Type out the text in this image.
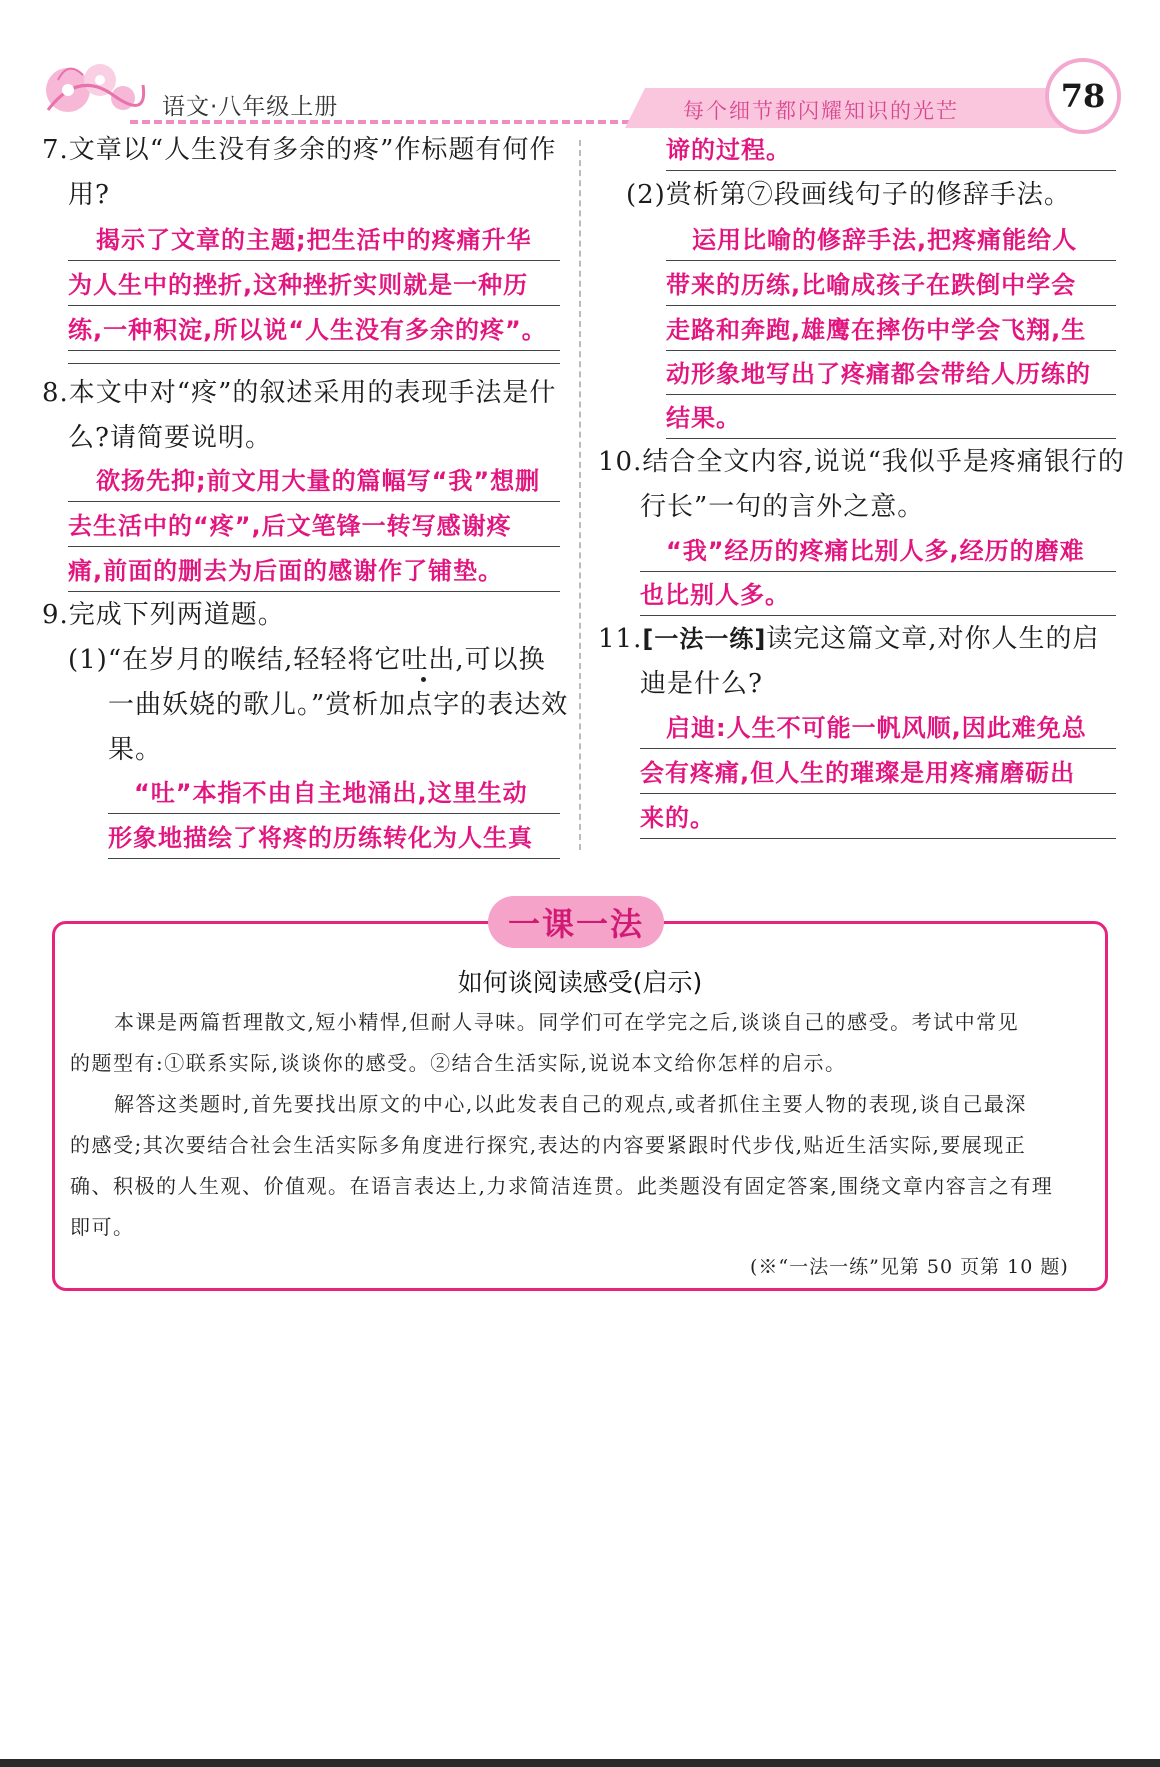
语文·八年级上册	每个细节都闪耀知识的光芒	78
7.文章以“人生没有多余的疼”作标题有何作
用?
揭示了文章的主题;把生活中的疼痛升华
为人生中的挫折,这种挫折实则就是一种历
练,一种积淀,所以说“人生没有多余的疼”。
8.本文中对“疼”的叙述采用的表现手法是什
么?请简要说明。
欲扬先抑;前文用大量的篇幅写“我”想删
去生活中的“疼”,后文笔锋一转写感谢疼
痛,前面的删去为后面的感谢作了铺垫。
9.完成下列两道题。
(1)“在岁月的喉结,轻轻将它吐出,可以换
一曲妖娆的歌儿。”赏析加点字的表达效
果。
“吐”本指不由自主地涌出,这里生动
形象地描绘了将疼的历练转化为人生真
谛的过程。
(2)赏析第⑦段画线句子的修辞手法。
运用比喻的修辞手法,把疼痛能给人
带来的历练,比喻成孩子在跌倒中学会
走路和奔跑,雄鹰在摔伤中学会飞翔,生
动形象地写出了疼痛都会带给人历练的
结果。
10.结合全文内容,说说“我似乎是疼痛银行的
行长”一句的言外之意。
“我”经历的疼痛比别人多,经历的磨难
也比别人多。
11.[一法一练]读完这篇文章,对你人生的启
迪是什么?
启迪:人生不可能一帆风顺,因此难免总
会有疼痛,但人生的璀璨是用疼痛磨砺出
来的。
一课一法
如何谈阅读感受(启示)
本课是两篇哲理散文,短小精悍,但耐人寻味。同学们可在学完之后,谈谈自己的感受。考试中常见
的题型有:①联系实际,谈谈你的感受。②结合生活实际,说说本文给你怎样的启示。
解答这类题时,首先要找出原文的中心,以此发表自己的观点,或者抓住主要人物的表现,谈自己最深
的感受;其次要结合社会生活实际多角度进行探究,表达的内容要紧跟时代步伐,贴近生活实际,要展现正
确、积极的人生观、价值观。在语言表达上,力求简洁连贯。此类题没有固定答案,围绕文章内容言之有理
即可。
(※“一法一练”见第 50 页第 10 题)
